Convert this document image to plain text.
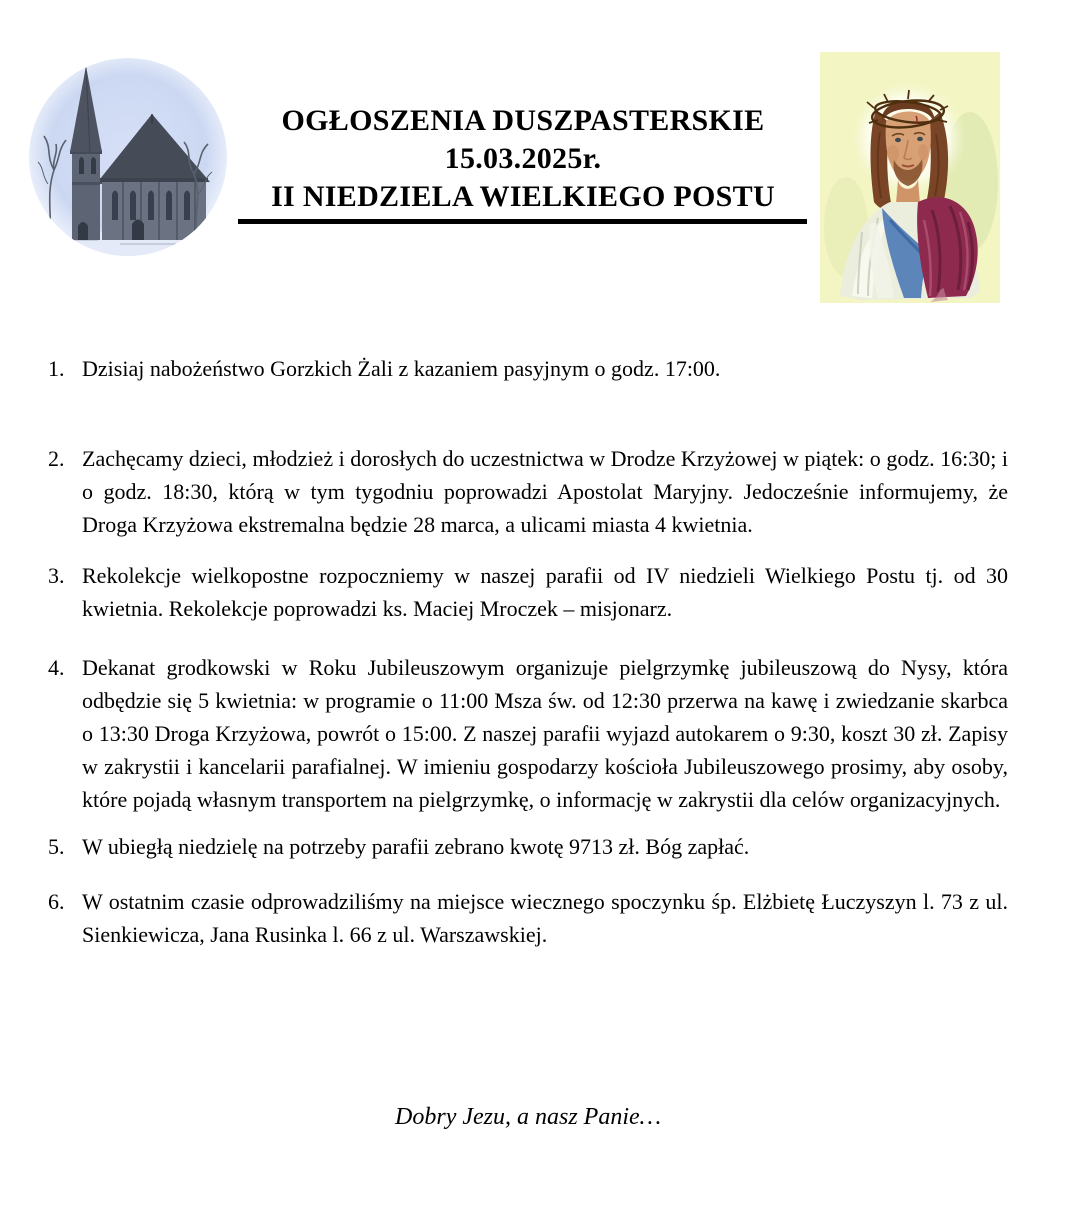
OGŁOSZENIA DUSZPASTERSKIE
15.03.2025r.
II NIEDZIELA WIELKIEGO POSTU
1. Dzisiaj nabożeństwo Gorzkich Żali z kazaniem pasyjnym o godz. 17:00.
2. Zachęcamy dzieci, młodzież i dorosłych do uczestnictwa w Drodze Krzyżowej w piątek: o godz. 16:30; i o godz. 18:30, którą w tym tygodniu poprowadzi Apostolat Maryjny. Jedocześnie informujemy, że Droga Krzyżowa ekstremalna będzie 28 marca, a ulicami miasta 4 kwietnia.
3. Rekolekcje wielkopostne rozpoczniemy w naszej parafii od IV niedzieli Wielkiego Postu tj. od 30 kwietnia. Rekolekcje poprowadzi ks. Maciej Mroczek – misjonarz.
4. Dekanat grodkowski w Roku Jubileuszowym organizuje pielgrzymkę jubileuszową do Nysy, która odbędzie się 5 kwietnia: w programie o 11:00 Msza św. od 12:30 przerwa na kawę i zwiedzanie skarbca o 13:30 Droga Krzyżowa, powrót o 15:00. Z naszej parafii wyjazd autokarem o 9:30, koszt 30 zł. Zapisy w zakrystii i kancelarii parafialnej. W imieniu gospodarzy kościoła Jubileuszowego prosimy, aby osoby, które pojadą własnym transportem na pielgrzymkę, o informację w zakrystii dla celów organizacyjnych.
5. W ubiegłą niedzielę na potrzeby parafii zebrano kwotę 9713 zł. Bóg zapłać.
6. W ostatnim czasie odprowadziliśmy na miejsce wiecznego spoczynku śp. Elżbietę Łuczyszyn l. 73 z ul. Sienkiewicza, Jana Rusinka l. 66 z ul. Warszawskiej.
Dobry Jezu, a nasz Panie…
